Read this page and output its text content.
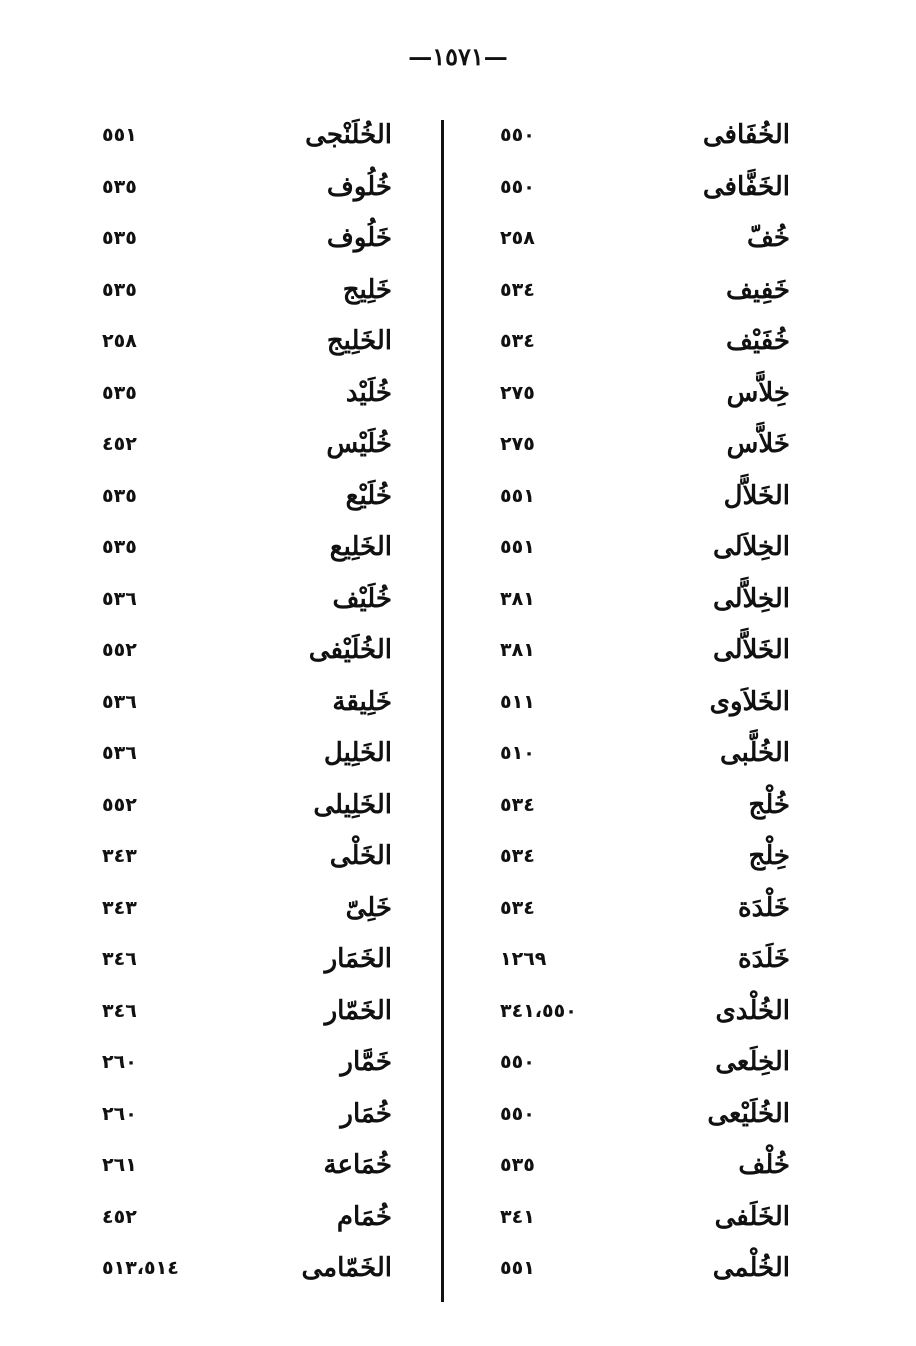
—١٥٧١—
الخُفَافى
٥٥٠
الخَفَّافى
٥٥٠
خُفّ
٢٥٨
خَفِيف
٥٣٤
خُفَيْف
٥٣٤
خِلاَّس
٢٧٥
خَلاَّس
٢٧٥
الخَلاَّل
٥٥١
الخِلاَلى
٥٥١
الخِلاَّلى
٣٨١
الخَلاَّلى
٣٨١
الخَلاَوى
٥١١
الخُلَّبى
٥١٠
خُلْج
٥٣٤
خِلْج
٥٣٤
خَلْدَة
٥٣٤
خَلَدَة
١٢٦٩
الخُلْدى
٣٤١،٥٥٠
الخِلَعى
٥٥٠
الخُلَيْعى
٥٥٠
خُلْف
٥٣٥
الخَلَفى
٣٤١
الخُلْمى
٥٥١
الخُلَنْجى
٥٥١
خُلُوف
٥٣٥
خَلُوف
٥٣٥
خَلِيج
٥٣٥
الخَلِيج
٢٥٨
خُلَيْد
٥٣٥
خُلَيْس
٤٥٢
خُلَيْع
٥٣٥
الخَلِيع
٥٣٥
خُلَيْف
٥٣٦
الخُلَيْفى
٥٥٢
خَلِيقة
٥٣٦
الخَلِيل
٥٣٦
الخَلِيلى
٥٥٢
الخَلْى
٣٤٣
خَلِىّ
٣٤٣
الخَمَار
٣٤٦
الخَمّار
٣٤٦
خَمَّار
٢٦٠
خُمَار
٢٦٠
خُمَاعة
٢٦١
خُمَام
٤٥٢
الخَمّامى
٥١٣،٥١٤
